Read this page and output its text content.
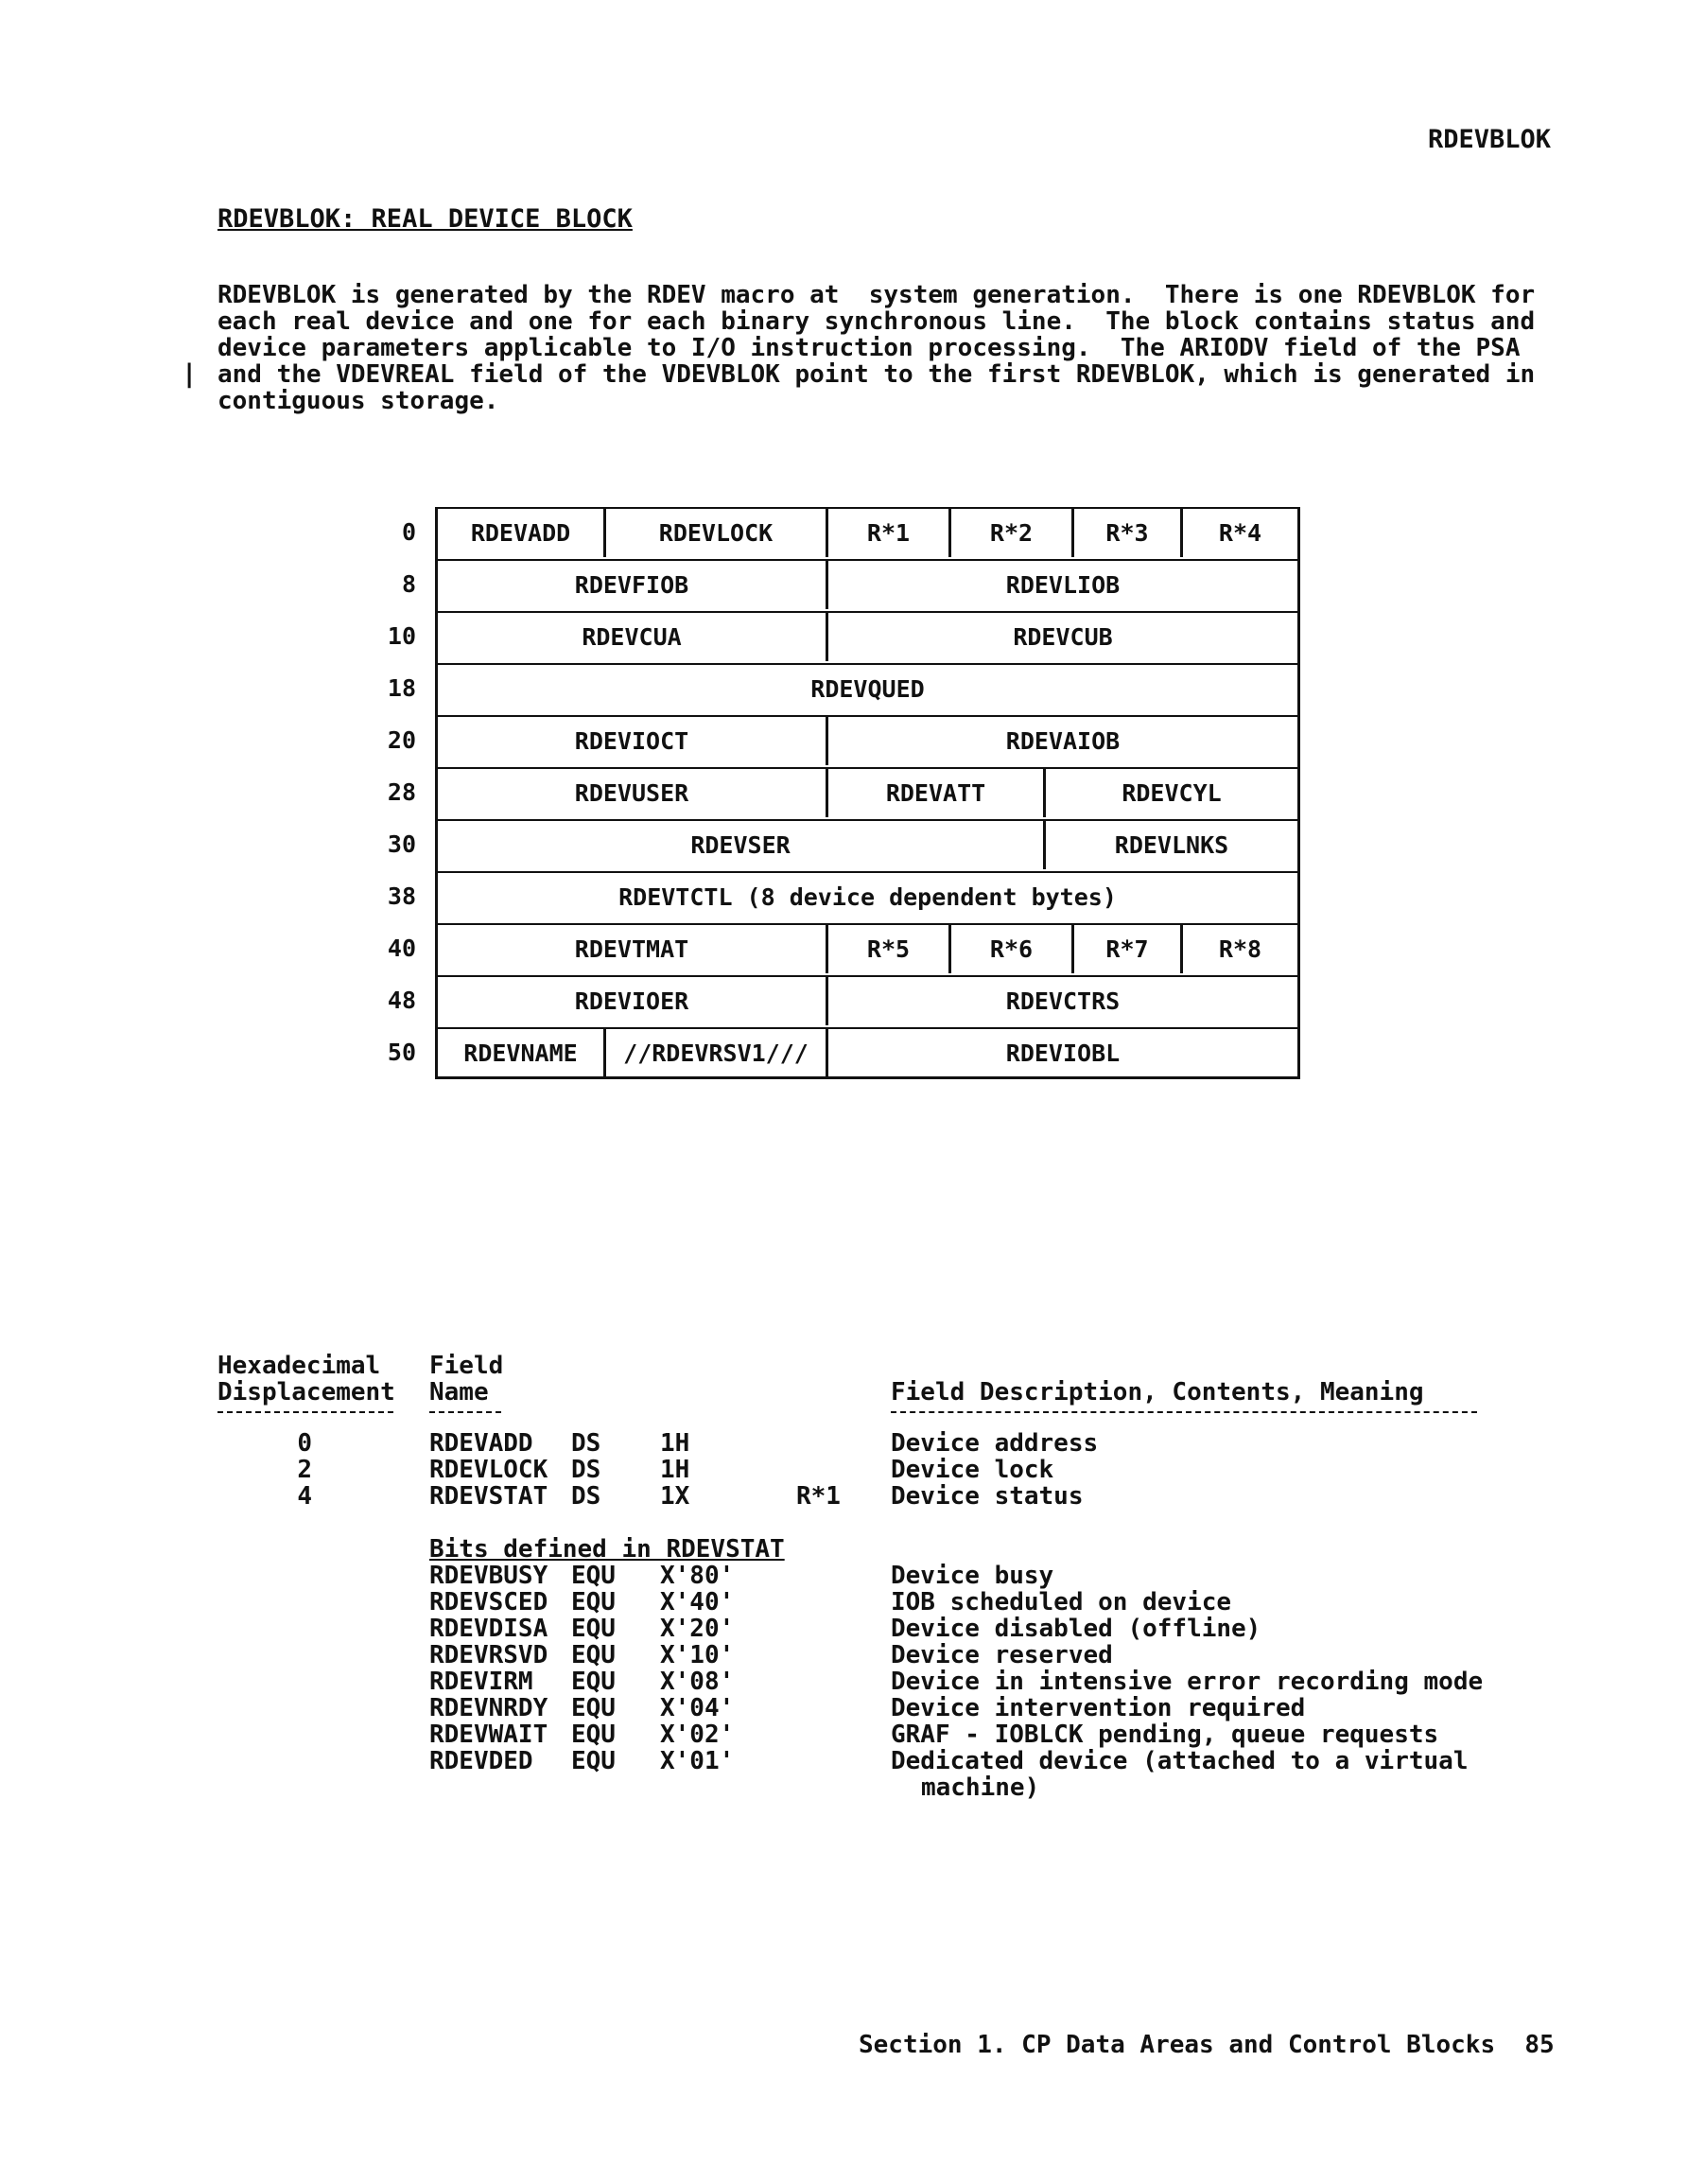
RDEVBLOK
RDEVBLOK: REAL DEVICE BLOCK
RDEVBLOK is generated by the RDEV macro at  system generation.  There is one RDEVBLOK for
each real device and one for each binary synchronous line.  The block contains status and
device parameters applicable to I/O instruction processing.  The ARIODV field of the PSA
and the VDEVREAL field of the VDEVBLOK point to the first RDEVBLOK, which is generated in
contiguous storage.
|
0	RDEVADD	RDEVLOCK	R*1	R*2	R*3	R*4
8	RDEVFIOB	RDEVLIOB
10	RDEVCUA	RDEVCUB
18	RDEVQUED
20	RDEVIOCT	RDEVAIOB
28	RDEVUSER	RDEVATT	RDEVCYL
30	RDEVSER	RDEVLNKS
38	RDEVTCTL (8 device dependent bytes)
40	RDEVTMAT	R*5	R*6	R*7	R*8
48	RDEVIOER	RDEVCTRS
50	RDEVNAME	//RDEVRSV1///	RDEVIOBL
Hexadecimal
Displacement
Field
Name	Field Description, Contents, Meaning
0	RDEVADD DS 1H	Device address
2	RDEVLOCK DS 1H	Device lock
4	RDEVSTAT DS 1X	R*1 Device status
Bits defined in RDEVSTAT
RDEVBUSY EQU X'80'	Device busy
RDEVSCED EQU X'40'	IOB scheduled on device
RDEVDISA EQU X'20'	Device disabled (offline)
RDEVRSVD EQU X'10'	Device reserved
RDEVIRM EQU X'08'	Device in intensive error recording mode
RDEVNRDY EQU X'04'	Device intervention required
RDEVWAIT EQU X'02'	GRAF - IOBLCK pending, queue requests
RDEVDED EQU X'01'	Dedicated device (attached to a virtual
machine)
Section 1. CP Data Areas and Control Blocks  85
